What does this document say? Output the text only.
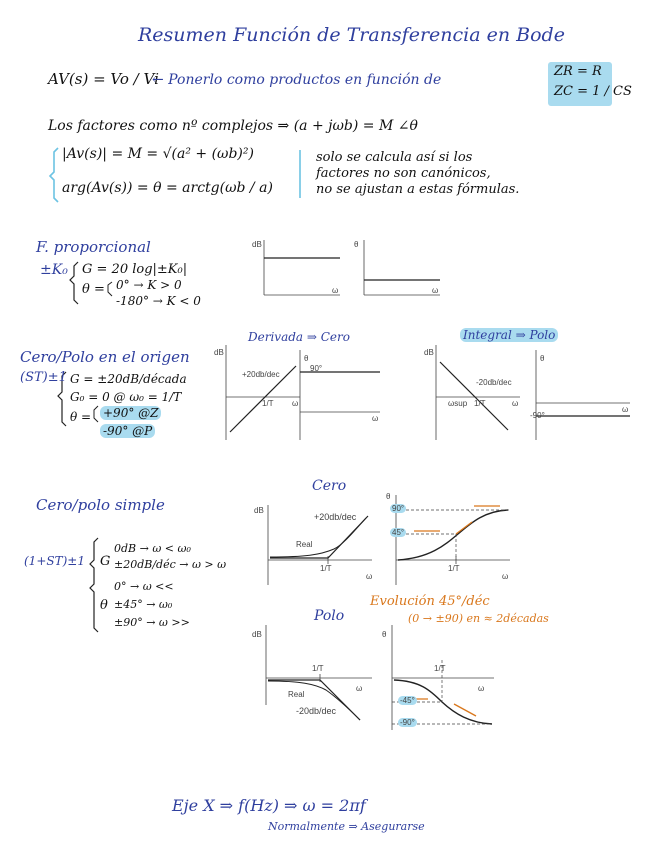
Resumen Función de Transferencia en Bode
AV(s) = Vo / Vi
← Ponerlo como productos en función de
ZR = R
ZC = 1 / CS
Los factores como nº complejos ⇒ (a + jωb) = M ∠θ
|Av(s)| = M = √(a² + (ωb)²)
arg(Av(s)) = θ = arctg(ωb / a)
solo se calcula así si los
factores no son canónicos,
no se ajustan a estas fórmulas.
F. proporcional
±K₀ G = 20 log|±K₀|
θ = 0° → K > 0
-180° → K < 0
dB	θ
ω	ω
Cero/Polo en el origen
(ST)±1 G = ±20dB/década
G₀ = 0 @ ω₀ = 1/T
θ = +90° @Z
-90° @P
Derivada ⇒ Cero	Integral ⇒ Polo
+20db/dec
-20db/dec
1/T	1/T
ωsup
dB
θ
dB
θ
90°
-90°
ω
ω
ω
ω
Cero/polo simple
(1+ST)±1 G
0dB → ω < ω₀
±20dB/déc → ω > ω
θ
0° → ω <<
±45° → ω₀
±90° → ω >>
Cero
Polo
+20db/dec
-20db/dec
Real
Real
1/T	1/T
1/T	1/T
dB
θ
dB	θ
ω	ω
ω	ω
90°
45°
-45°
-90°
Evolución 45°/déc
(0 → ±90) en ≈ 2décadas
Eje X ⇒ f(Hz) ⇒ ω = 2πf
Normalmente ⇒ Asegurarse
